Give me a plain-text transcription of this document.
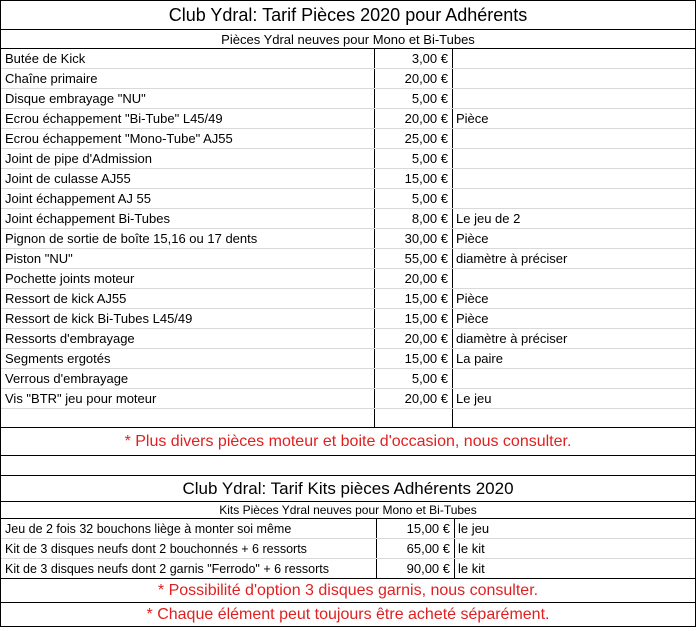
Club Ydral: Tarif Pièces 2020 pour Adhérents
Pièces Ydral neuves pour Mono et Bi-Tubes
Butée de Kick	3,00 €
Chaîne primaire	20,00 €
Disque embrayage "NU"	5,00 €
Ecrou échappement "Bi-Tube" L45/49	20,00 € Pièce
Ecrou échappement "Mono-Tube" AJ55	25,00 €
Joint de pipe d'Admission	5,00 €
Joint de culasse AJ55	15,00 €
Joint échappement AJ 55	5,00 €
Joint échappement Bi-Tubes	8,00 € Le jeu de 2
Pignon de sortie de boîte 15,16 ou 17 dents	30,00 € Pièce
Piston "NU"	55,00 € diamètre à préciser
Pochette joints moteur	20,00 €
Ressort de kick AJ55	15,00 € Pièce
Ressort de kick Bi-Tubes L45/49	15,00 € Pièce
Ressorts d'embrayage	20,00 € diamètre à préciser
Segments ergotés	15,00 € La paire
Verrous d'embrayage	5,00 €
Vis "BTR" jeu pour moteur	20,00 € Le jeu
* Plus divers pièces moteur et boite d'occasion, nous consulter.
Club Ydral: Tarif Kits pièces Adhérents 2020
Kits Pièces Ydral neuves pour Mono et Bi-Tubes
Jeu de 2 fois 32 bouchons liège à monter soi même	15,00 € le jeu
Kit de 3 disques neufs dont 2 bouchonnés + 6 ressorts	65,00 € le kit
Kit de 3 disques neufs dont 2 garnis "Ferrodo" + 6 ressorts	90,00 € le kit
* Possibilité d'option 3 disques garnis, nous consulter.
* Chaque élément peut toujours être acheté séparément.
